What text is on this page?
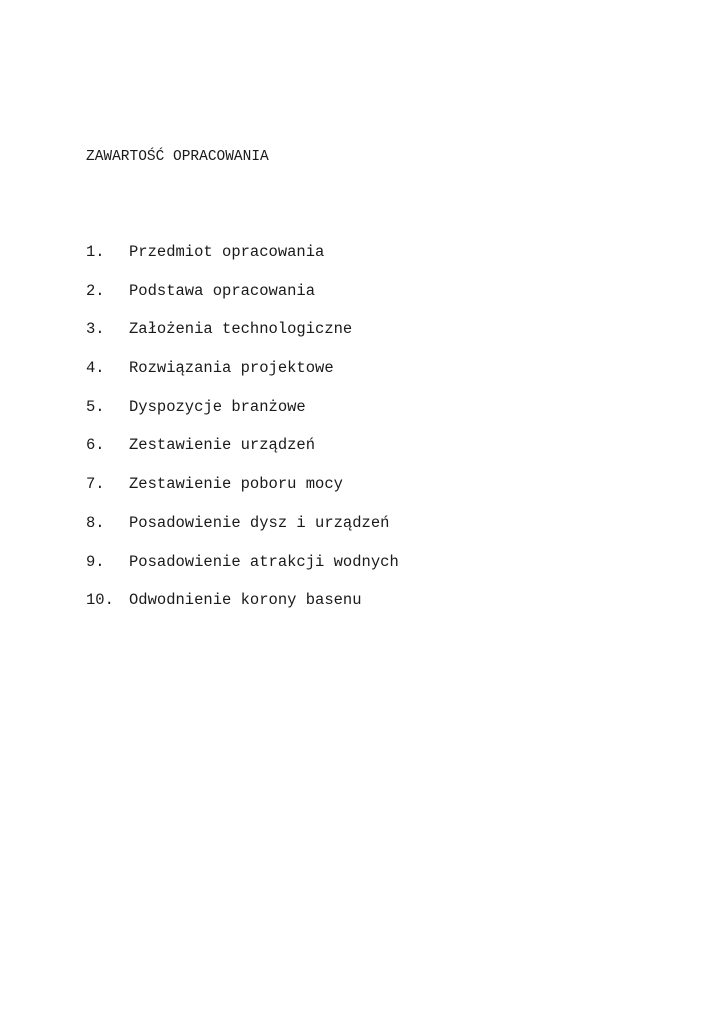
ZAWARTOŚĆ OPRACOWANIA
1.	Przedmiot opracowania
2.	Podstawa opracowania
3.	Założenia technologiczne
4.	Rozwiązania projektowe
5.	Dyspozycje branżowe
6.	Zestawienie urządzeń
7.	Zestawienie poboru mocy
8.	Posadowienie dysz i urządzeń
9.	Posadowienie atrakcji wodnych
10. Odwodnienie korony basenu
